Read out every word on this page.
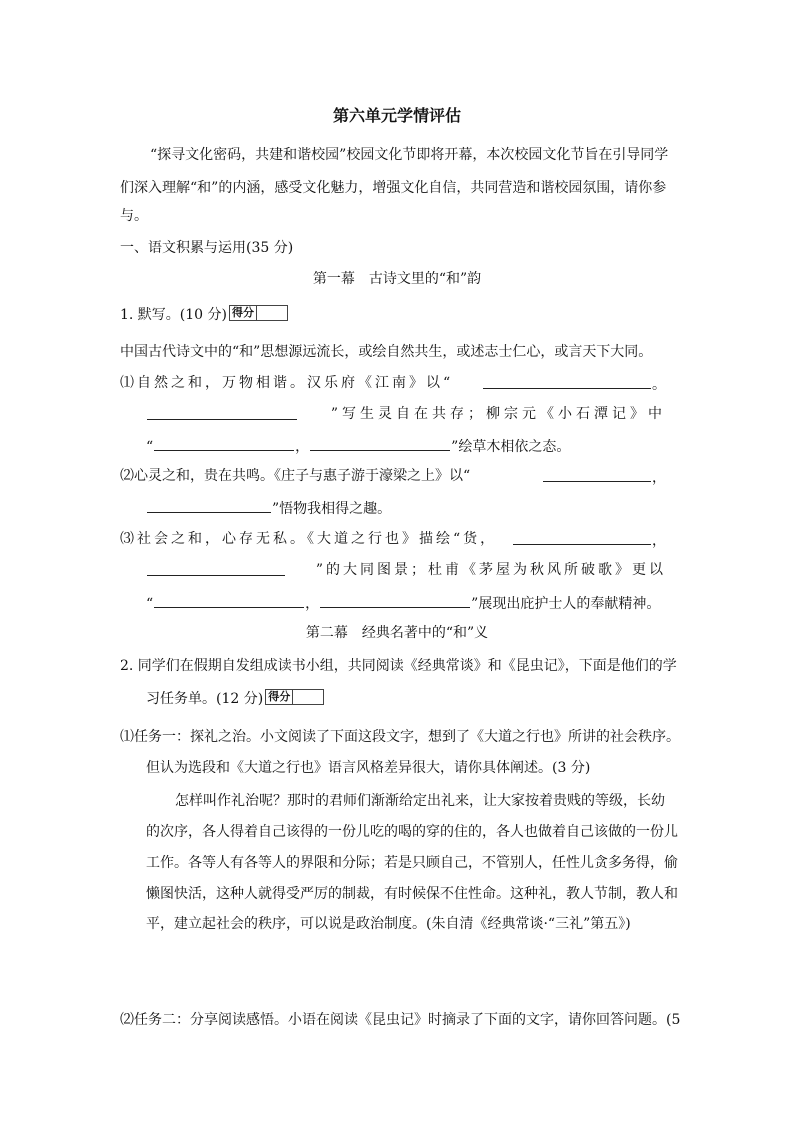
第六单元学情评估
“探寻文化密码，共建和谐校园”校园文化节即将开幕，本次校园文化节旨在引导同学
们深入理解“和”的内涵，感受文化魅力，增强文化自信，共同营造和谐校园氛围，请你参
与。
一、语文积累与运用(35 分)
第一幕　古诗文里的“和”韵
1. 默写。(10 分) 得分
中国古代诗文中的“和”思想源远流长，或绘自然共生，或述志士仁心，或言天下大同。
⑴自然之和，万物相谐。汉乐府《江南》以“	。
”写生灵自在共存；柳宗元《小石潭记》中
“	，	”绘草木相依之态。
⑵心灵之和，贵在共鸣。《庄子与惠子游于濠梁之上》以“	，
”悟物我相得之趣。
⑶社会之和，心存无私。《大道之行也》描绘“货，	，
”的大同图景；杜甫《茅屋为秋风所破歌》更以
“	，	”展现出庇护士人的奉献精神。
第二幕　经典名著中的“和”义
2. 同学们在假期自发组成读书小组，共同阅读《经典常谈》和《昆虫记》，下面是他们的学
习任务单。(12 分) 得分
⑴任务一：探礼之治。小文阅读了下面这段文字，想到了《大道之行也》所讲的社会秩序。
但认为选段和《大道之行也》语言风格差异很大，请你具体阐述。(3 分)
怎样叫作礼治呢？那时的君师们渐渐给定出礼来，让大家按着贵贱的等级，长幼
的次序，各人得着自己该得的一份儿吃的喝的穿的住的，各人也做着自己该做的一份儿
工作。各等人有各等人的界限和分际；若是只顾自己，不管别人，任性儿贪多务得，偷
懒图快活，这种人就得受严厉的制裁，有时候保不住性命。这种礼，教人节制，教人和
平，建立起社会的秩序，可以说是政治制度。(朱自清《经典常谈·“三礼”第五》)
⑵任务二：分享阅读感悟。小语在阅读《昆虫记》时摘录了下面的文字，请你回答问题。(5
